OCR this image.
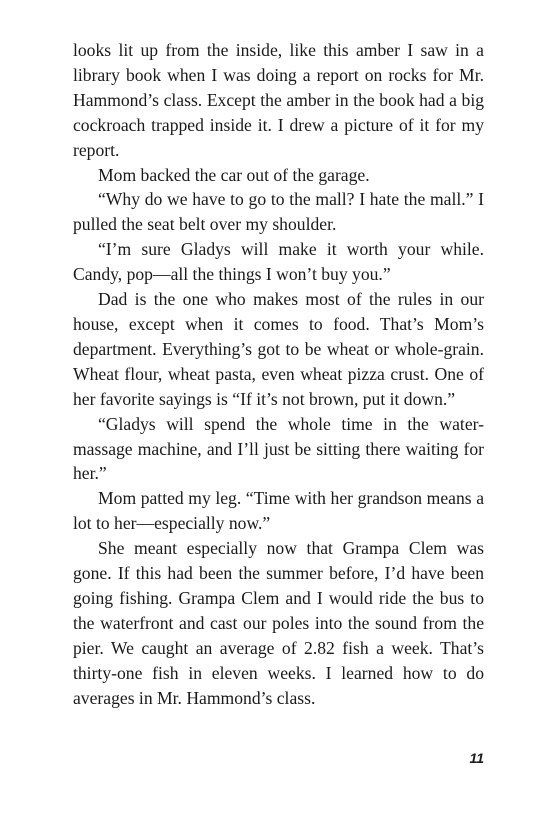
looks lit up from the inside, like this amber I saw in a library book when I was doing a report on rocks for Mr. Hammond’s class. Except the amber in the book had a big cockroach trapped inside it. I drew a picture of it for my report.

Mom backed the car out of the garage.

“Why do we have to go to the mall? I hate the mall.” I pulled the seat belt over my shoulder.

“I’m sure Gladys will make it worth your while. Candy, pop—all the things I won’t buy you.”

Dad is the one who makes most of the rules in our house, except when it comes to food. That’s Mom’s department. Everything’s got to be wheat or whole-grain. Wheat flour, wheat pasta, even wheat pizza crust. One of her favorite sayings is “If it’s not brown, put it down.”

“Gladys will spend the whole time in the water-massage machine, and I’ll just be sitting there waiting for her.”

Mom patted my leg. “Time with her grandson means a lot to her—especially now.”

She meant especially now that Grampa Clem was gone. If this had been the summer before, I’d have been going fishing. Grampa Clem and I would ride the bus to the waterfront and cast our poles into the sound from the pier. We caught an average of 2.82 fish a week. That’s thirty-one fish in eleven weeks. I learned how to do averages in Mr. Hammond’s class.

11
